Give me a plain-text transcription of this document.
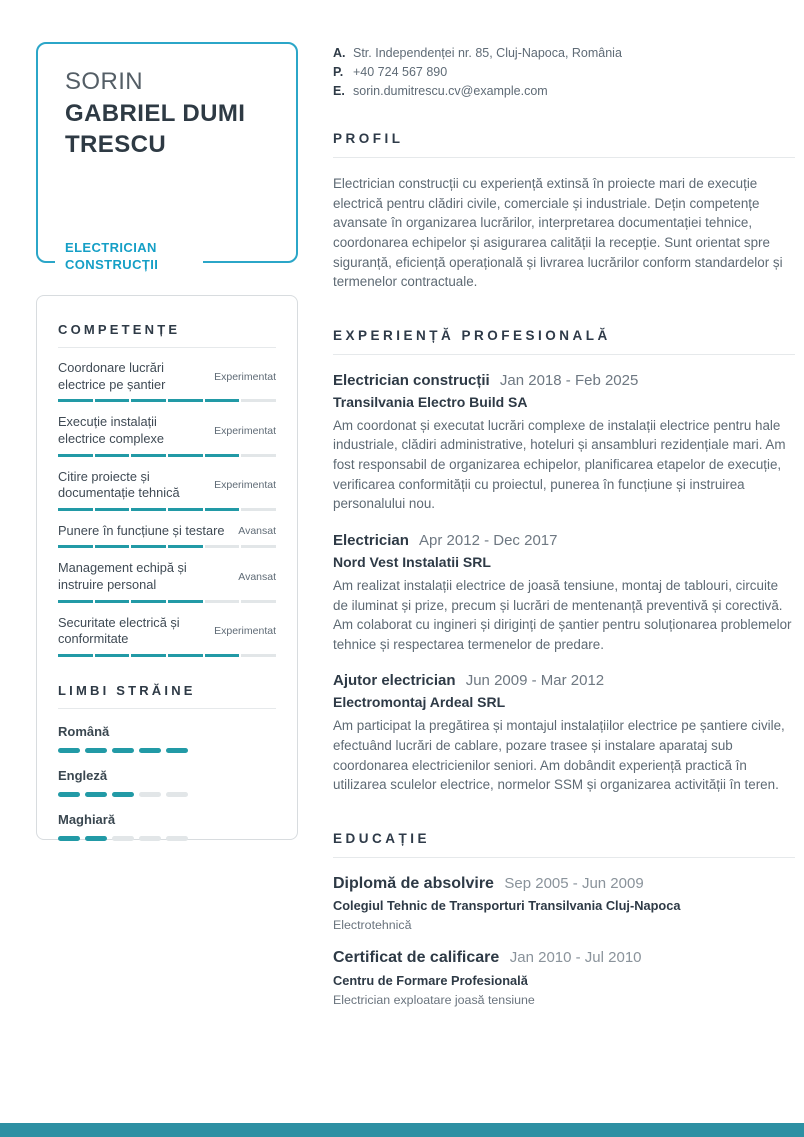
SORIN
GABRIEL DUMI TRESCU
ELECTRICIAN CONSTRUCȚII
COMPETENȚE
Coordonare lucrări electrice pe șantier	Experimentat
Execuție instalații electrice complexe	Experimentat
Citire proiecte și documentație tehnică	Experimentat
Punere în funcțiune și testare	Avansat
Management echipă și instruire personal	Avansat
Securitate electrică și conformitate	Experimentat
LIMBI STRĂINE
Română
Engleză
Maghiară
A. Str. Independenței nr. 85, Cluj-Napoca, România
P. +40 724 567 890
E. sorin.dumitrescu.cv@example.com
PROFIL
Electrician construcții cu experiență extinsă în proiecte mari de execuție electrică pentru clădiri civile, comerciale și industriale. Dețin competențe avansate în organizarea lucrărilor, interpretarea documentației tehnice, coordonarea echipelor și asigurarea calității la recepție. Sunt orientat spre siguranță, eficiență operațională și livrarea lucrărilor conform standardelor și termenelor contractuale.
EXPERIENȚĂ PROFESIONALĂ
Electrician construcții Jan 2018 - Feb 2025
Transilvania Electro Build SA
Am coordonat și executat lucrări complexe de instalații electrice pentru hale industriale, clădiri administrative, hoteluri și ansambluri rezidențiale mari. Am fost responsabil de organizarea echipelor, planificarea etapelor de execuție, verificarea conformității cu proiectul, punerea în funcțiune și instruirea personalului nou.
Electrician Apr 2012 - Dec 2017
Nord Vest Instalatii SRL
Am realizat instalații electrice de joasă tensiune, montaj de tablouri, circuite de iluminat și prize, precum și lucrări de mentenanță preventivă și corectivă. Am colaborat cu ingineri și diriginți de șantier pentru soluționarea problemelor tehnice și respectarea termenelor de predare.
Ajutor electrician Jun 2009 - Mar 2012
Electromontaj Ardeal SRL
Am participat la pregătirea și montajul instalațiilor electrice pe șantiere civile, efectuând lucrări de cablare, pozare trasee și instalare aparataj sub coordonarea electricienilor seniori. Am dobândit experiență practică în utilizarea sculelor electrice, normelor SSM și organizarea activității în teren.
EDUCAȚIE
Diplomă de absolvire Sep 2005 - Jun 2009
Colegiul Tehnic de Transporturi Transilvania Cluj-Napoca
Electrotehnică
Certificat de calificare Jan 2010 - Jul 2010
Centru de Formare Profesională
Electrician exploatare joasă tensiune
